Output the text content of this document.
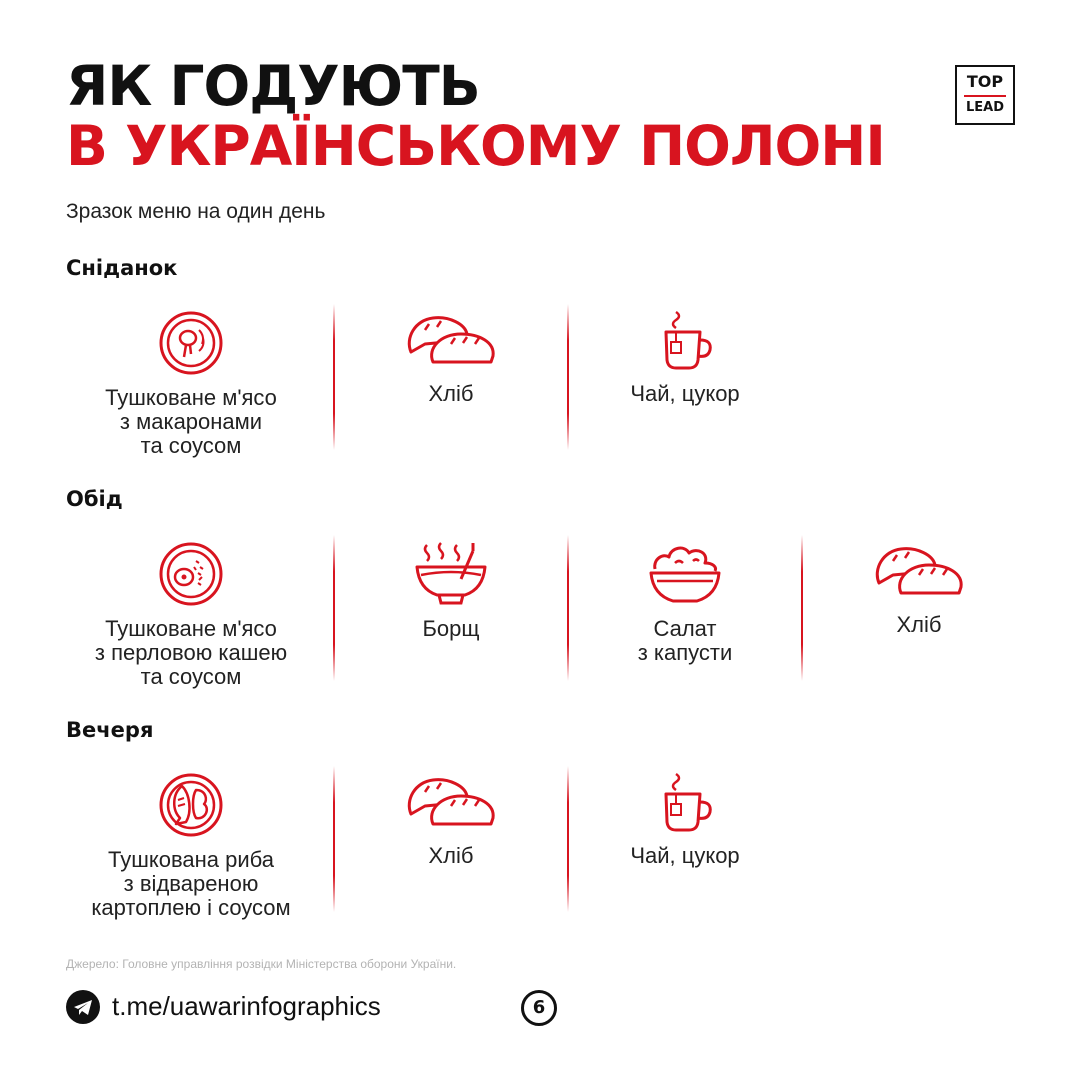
ЯК ГОДУЮТЬ
В УКРАЇНСЬКОМУ ПОЛОНІ
TOP
LEAD
Зразок меню на один день
Сніданок
Тушковане м'ясо
з макаронами
та соусом
Хліб	Чай, цукор
Обід
Тушковане м'ясо
з перловою кашею
та соусом
Борщ	Салат
з капусти
Хліб
Вечеря
Тушкована риба
з відвареною
картоплею і соусом
Хліб	Чай, цукор
Джерело: Головне управління розвідки Міністерства оборони України.
t.me/uawarinfographics	6
